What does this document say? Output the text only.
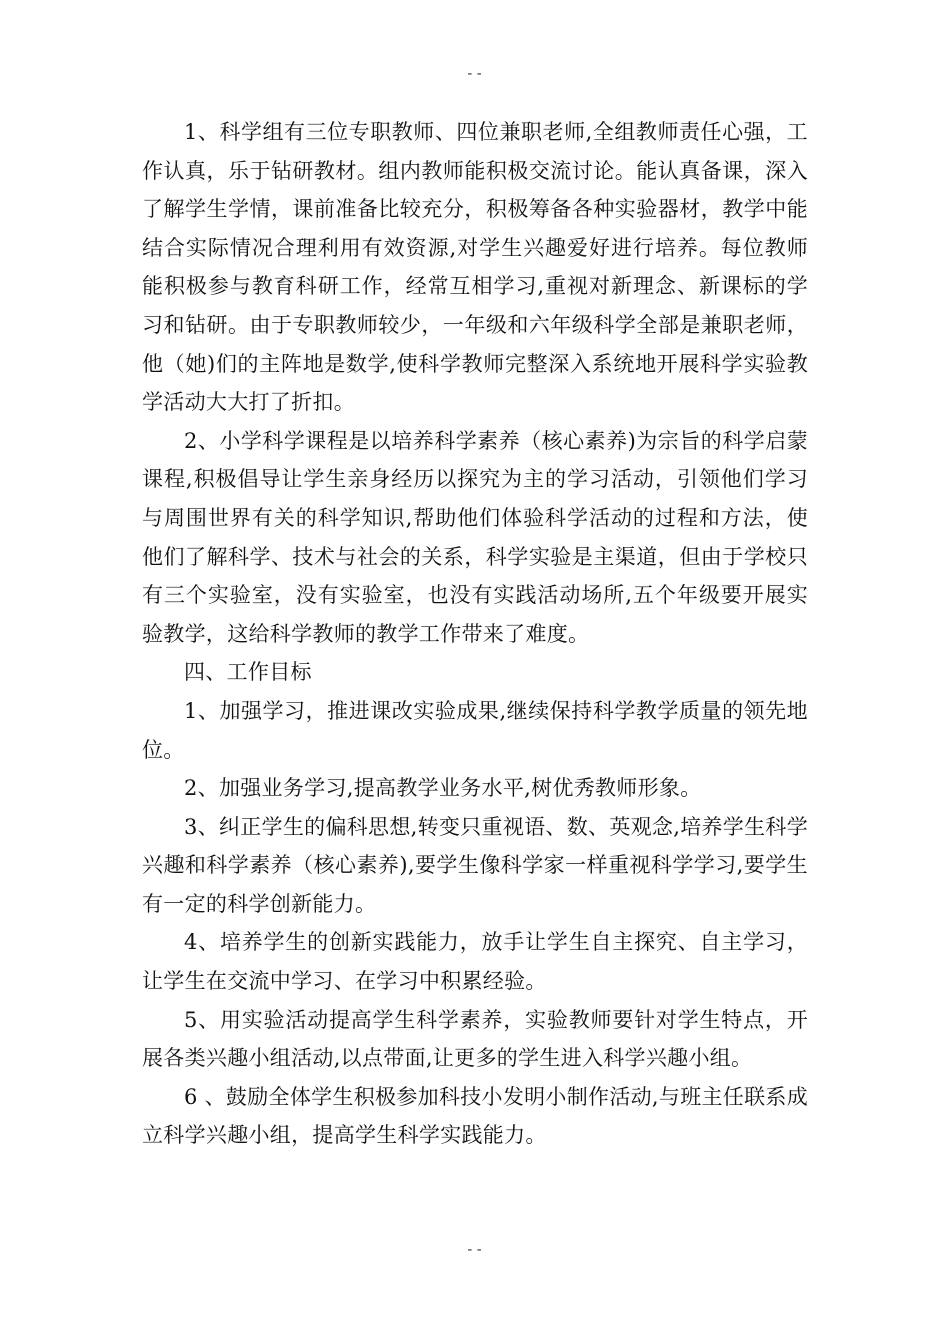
--

1、科学组有三位专职教师、四位兼职老师,全组教师责任心强，工作认真，乐于钻研教材。组内教师能积极交流讨论。能认真备课，深入了解学生学情，课前准备比较充分，积极筹备各种实验器材，教学中能结合实际情况合理利用有效资源,对学生兴趣爱好进行培养。每位教师能积极参与教育科研工作，经常互相学习,重视对新理念、新课标的学习和钻研。由于专职教师较少，一年级和六年级科学全部是兼职老师，他（她)们的主阵地是数学,使科学教师完整深入系统地开展科学实验教学活动大大打了折扣。

2、小学科学课程是以培养科学素养（核心素养)为宗旨的科学启蒙课程,积极倡导让学生亲身经历以探究为主的学习活动，引领他们学习与周围世界有关的科学知识,帮助他们体验科学活动的过程和方法，使他们了解科学、技术与社会的关系，科学实验是主渠道，但由于学校只有三个实验室，没有实验室，也没有实践活动场所,五个年级要开展实验教学，这给科学教师的教学工作带来了难度。

四、工作目标

1、加强学习，推进课改实验成果,继续保持科学教学质量的领先地位。

2、加强业务学习,提高教学业务水平,树优秀教师形象。

3、纠正学生的偏科思想,转变只重视语、数、英观念,培养学生科学兴趣和科学素养（核心素养),要学生像科学家一样重视科学学习,要学生有一定的科学创新能力。

4、培养学生的创新实践能力，放手让学生自主探究、自主学习，让学生在交流中学习、在学习中积累经验。

5、用实验活动提高学生科学素养，实验教师要针对学生特点，开展各类兴趣小组活动,以点带面,让更多的学生进入科学兴趣小组。

6 、鼓励全体学生积极参加科技小发明小制作活动,与班主任联系成立科学兴趣小组，提高学生科学实践能力。

--
